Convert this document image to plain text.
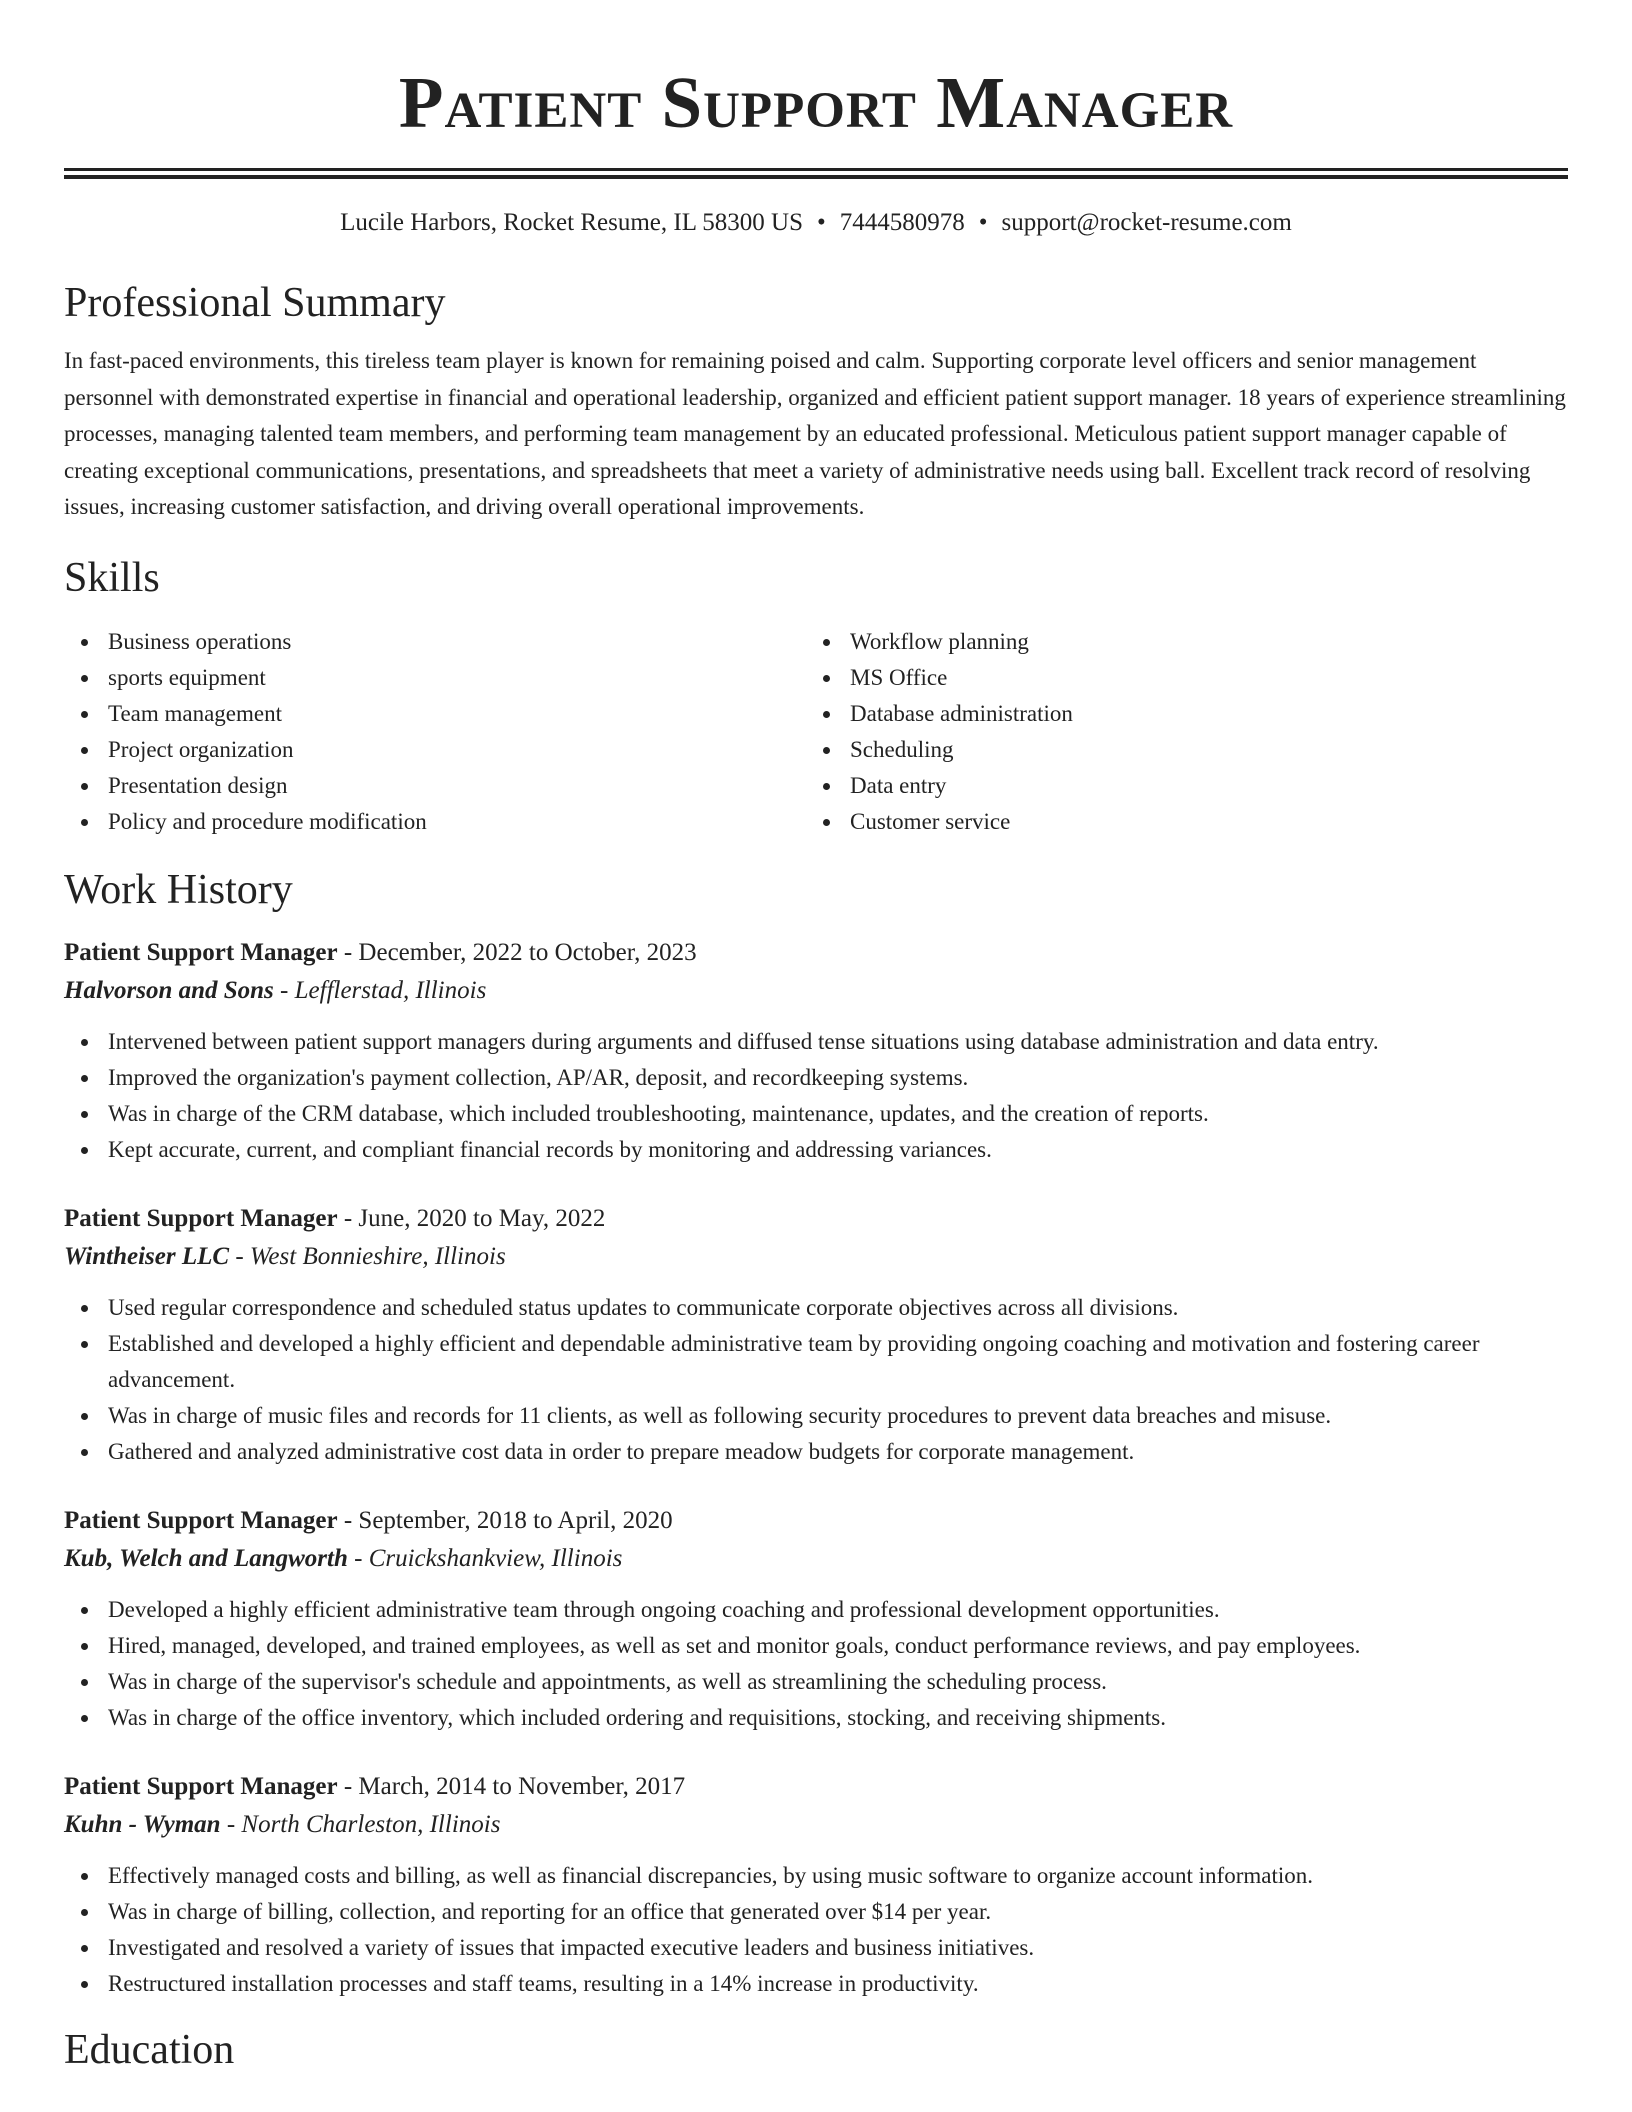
Patient Support Manager
Lucile Harbors, Rocket Resume, IL 58300 US • 7444580978 • support@rocket-resume.com
Professional Summary
In fast-paced environments, this tireless team player is known for remaining poised and calm. Supporting corporate level officers and senior management personnel with demonstrated expertise in financial and operational leadership, organized and efficient patient support manager. 18 years of experience streamlining processes, managing talented team members, and performing team management by an educated professional. Meticulous patient support manager capable of creating exceptional communications, presentations, and spreadsheets that meet a variety of administrative needs using ball. Excellent track record of resolving issues, increasing customer satisfaction, and driving overall operational improvements.
Skills
Business operations
sports equipment
Team management
Project organization
Presentation design
Policy and procedure modification
Workflow planning
MS Office
Database administration
Scheduling
Data entry
Customer service
Work History
Patient Support Manager - December, 2022 to October, 2023
Halvorson and Sons - Lefflerstad, Illinois
Intervened between patient support managers during arguments and diffused tense situations using database administration and data entry.
Improved the organization's payment collection, AP/AR, deposit, and recordkeeping systems.
Was in charge of the CRM database, which included troubleshooting, maintenance, updates, and the creation of reports.
Kept accurate, current, and compliant financial records by monitoring and addressing variances.
Patient Support Manager - June, 2020 to May, 2022
Wintheiser LLC - West Bonnieshire, Illinois
Used regular correspondence and scheduled status updates to communicate corporate objectives across all divisions.
Established and developed a highly efficient and dependable administrative team by providing ongoing coaching and motivation and fostering career advancement.
Was in charge of music files and records for 11 clients, as well as following security procedures to prevent data breaches and misuse.
Gathered and analyzed administrative cost data in order to prepare meadow budgets for corporate management.
Patient Support Manager - September, 2018 to April, 2020
Kub, Welch and Langworth - Cruickshankview, Illinois
Developed a highly efficient administrative team through ongoing coaching and professional development opportunities.
Hired, managed, developed, and trained employees, as well as set and monitor goals, conduct performance reviews, and pay employees.
Was in charge of the supervisor's schedule and appointments, as well as streamlining the scheduling process.
Was in charge of the office inventory, which included ordering and requisitions, stocking, and receiving shipments.
Patient Support Manager - March, 2014 to November, 2017
Kuhn - Wyman - North Charleston, Illinois
Effectively managed costs and billing, as well as financial discrepancies, by using music software to organize account information.
Was in charge of billing, collection, and reporting for an office that generated over $14 per year.
Investigated and resolved a variety of issues that impacted executive leaders and business initiatives.
Restructured installation processes and staff teams, resulting in a 14% increase in productivity.
Education
